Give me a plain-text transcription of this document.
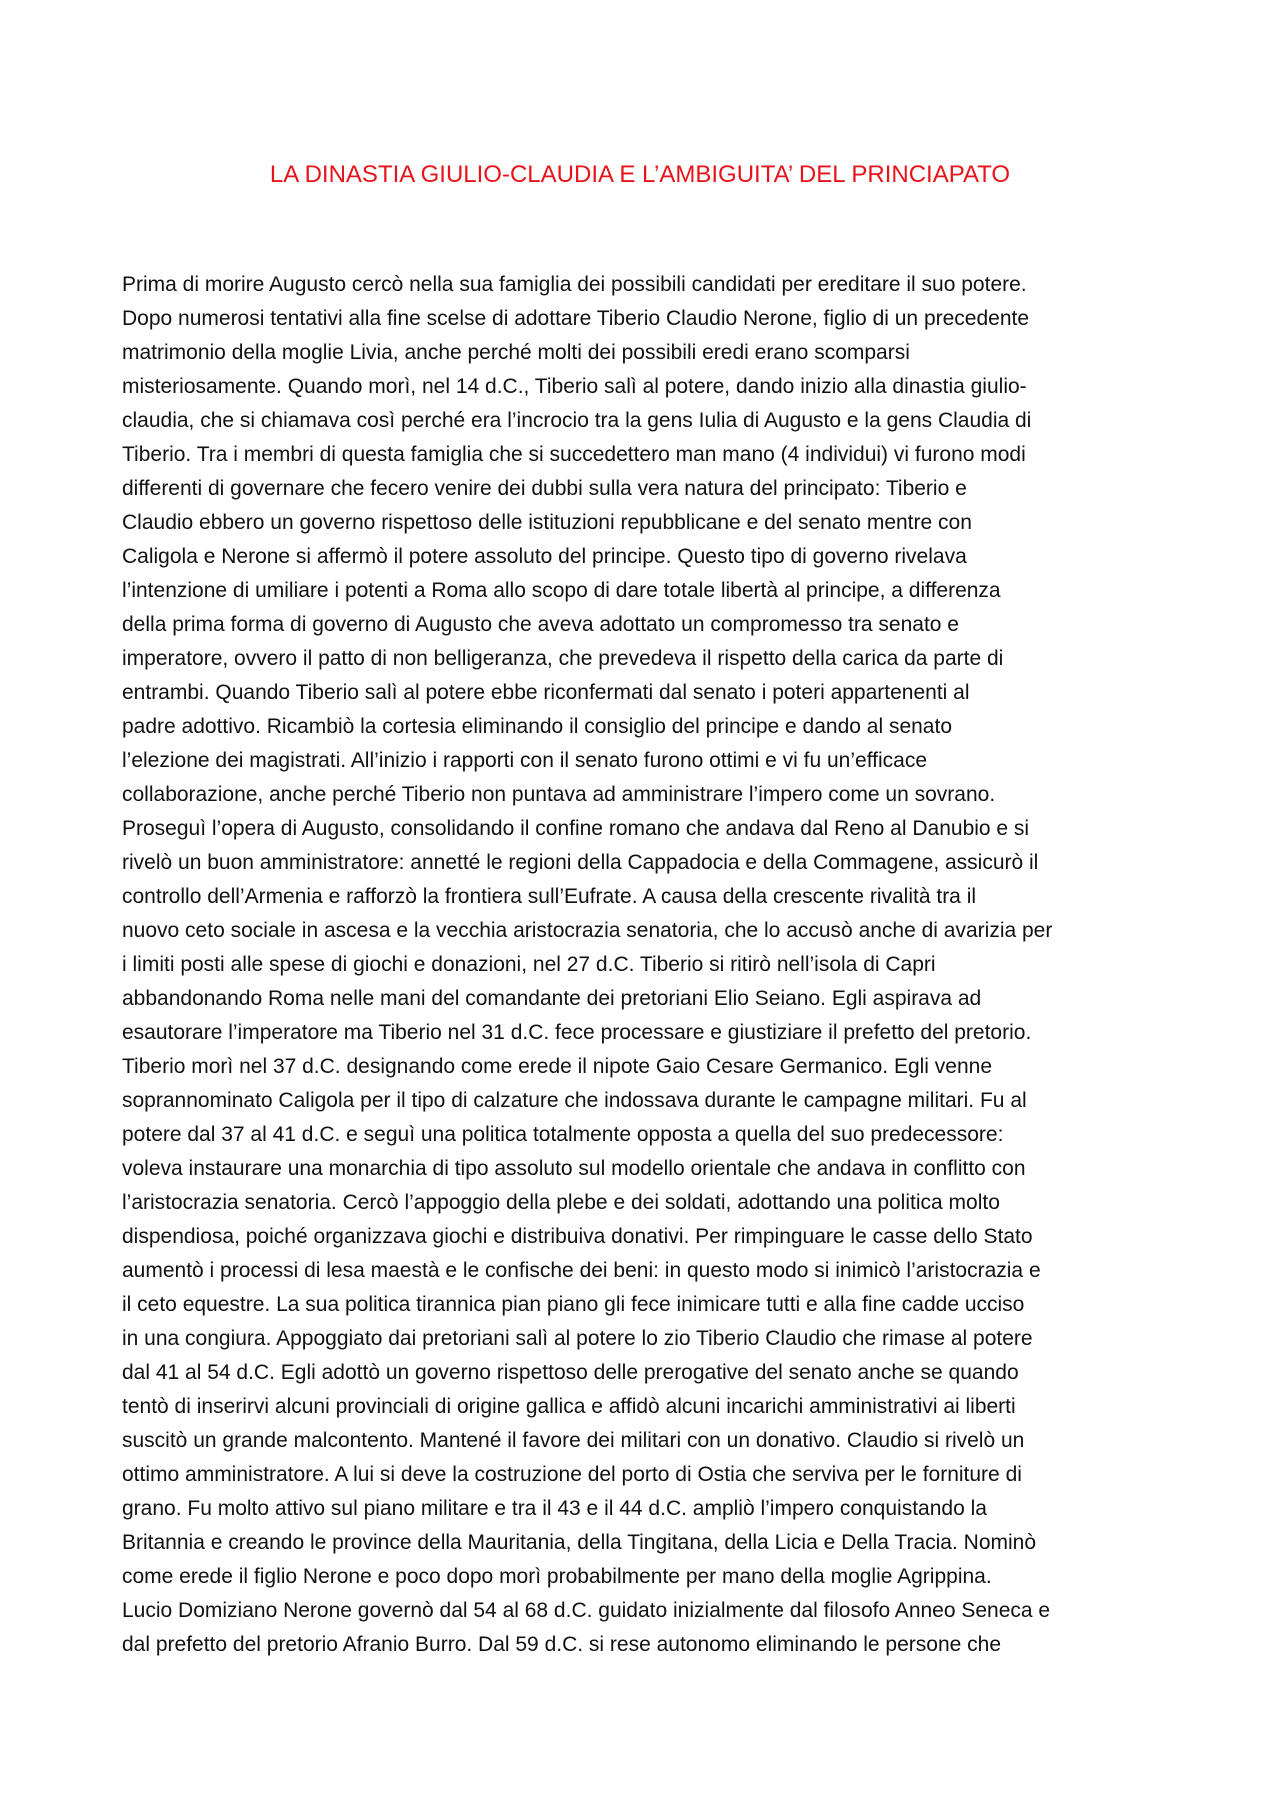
LA DINASTIA GIULIO-CLAUDIA E L’AMBIGUITA’ DEL PRINCIAPATO
Prima di morire Augusto cercò nella sua famiglia dei possibili candidati per ereditare il suo potere.
Dopo numerosi tentativi alla fine scelse di adottare Tiberio Claudio Nerone, figlio di un precedente
matrimonio della moglie Livia, anche perché molti dei possibili eredi erano scomparsi
misteriosamente. Quando morì, nel 14 d.C., Tiberio salì al potere, dando inizio alla dinastia giulio-
claudia, che si chiamava così perché era l’incrocio tra la gens Iulia di Augusto e la gens Claudia di
Tiberio. Tra i membri di questa famiglia che si succedettero man mano (4 individui) vi furono modi
differenti di governare che fecero venire dei dubbi sulla vera natura del principato: Tiberio e
Claudio ebbero un governo rispettoso delle istituzioni repubblicane e del senato mentre con
Caligola e Nerone si affermò il potere assoluto del principe. Questo tipo di governo rivelava
l’intenzione di umiliare i potenti a Roma allo scopo di dare totale libertà al principe, a differenza
della prima forma di governo di Augusto che aveva adottato un compromesso tra senato e
imperatore, ovvero il patto di non belligeranza, che prevedeva il rispetto della carica da parte di
entrambi. Quando Tiberio salì al potere ebbe riconfermati dal senato i poteri appartenenti al
padre adottivo. Ricambiò la cortesia eliminando il consiglio del principe e dando al senato
l’elezione dei magistrati. All’inizio i rapporti con il senato furono ottimi e vi fu un’efficace
collaborazione, anche perché Tiberio non puntava ad amministrare l’impero come un sovrano.
Proseguì l’opera di Augusto, consolidando il confine romano che andava dal Reno al Danubio e si
rivelò un buon amministratore: annetté le regioni della Cappadocia e della Commagene, assicurò il
controllo dell’Armenia e rafforzò la frontiera sull’Eufrate. A causa della crescente rivalità tra il
nuovo ceto sociale in ascesa e la vecchia aristocrazia senatoria, che lo accusò anche di avarizia per
i limiti posti alle spese di giochi e donazioni, nel 27 d.C. Tiberio si ritirò nell’isola di Capri
abbandonando Roma nelle mani del comandante dei pretoriani Elio Seiano. Egli aspirava ad
esautorare l’imperatore ma Tiberio nel 31 d.C. fece processare e giustiziare il prefetto del pretorio.
Tiberio morì nel 37 d.C. designando come erede il nipote Gaio Cesare Germanico. Egli venne
soprannominato Caligola per il tipo di calzature che indossava durante le campagne militari. Fu al
potere dal 37 al 41 d.C. e seguì una politica totalmente opposta a quella del suo predecessore:
voleva instaurare una monarchia di tipo assoluto sul modello orientale che andava in conflitto con
l’aristocrazia senatoria. Cercò l’appoggio della plebe e dei soldati, adottando una politica molto
dispendiosa, poiché organizzava giochi e distribuiva donativi. Per rimpinguare le casse dello Stato
aumentò i processi di lesa maestà e le confische dei beni: in questo modo si inimicò l’aristocrazia e
il ceto equestre. La sua politica tirannica pian piano gli fece inimicare tutti e alla fine cadde ucciso
in una congiura. Appoggiato dai pretoriani salì al potere lo zio Tiberio Claudio che rimase al potere
dal 41 al 54 d.C. Egli adottò un governo rispettoso delle prerogative del senato anche se quando
tentò di inserirvi alcuni provinciali di origine gallica e affidò alcuni incarichi amministrativi ai liberti
suscitò un grande malcontento. Mantené il favore dei militari con un donativo. Claudio si rivelò un
ottimo amministratore. A lui si deve la costruzione del porto di Ostia che serviva per le forniture di
grano. Fu molto attivo sul piano militare e tra il 43 e il 44 d.C. ampliò l’impero conquistando la
Britannia e creando le province della Mauritania, della Tingitana, della Licia e Della Tracia. Nominò
come erede il figlio Nerone e poco dopo morì probabilmente per mano della moglie Agrippina.
Lucio Domiziano Nerone governò dal 54 al 68 d.C. guidato inizialmente dal filosofo Anneo Seneca e
dal prefetto del pretorio Afranio Burro. Dal 59 d.C. si rese autonomo eliminando le persone che
